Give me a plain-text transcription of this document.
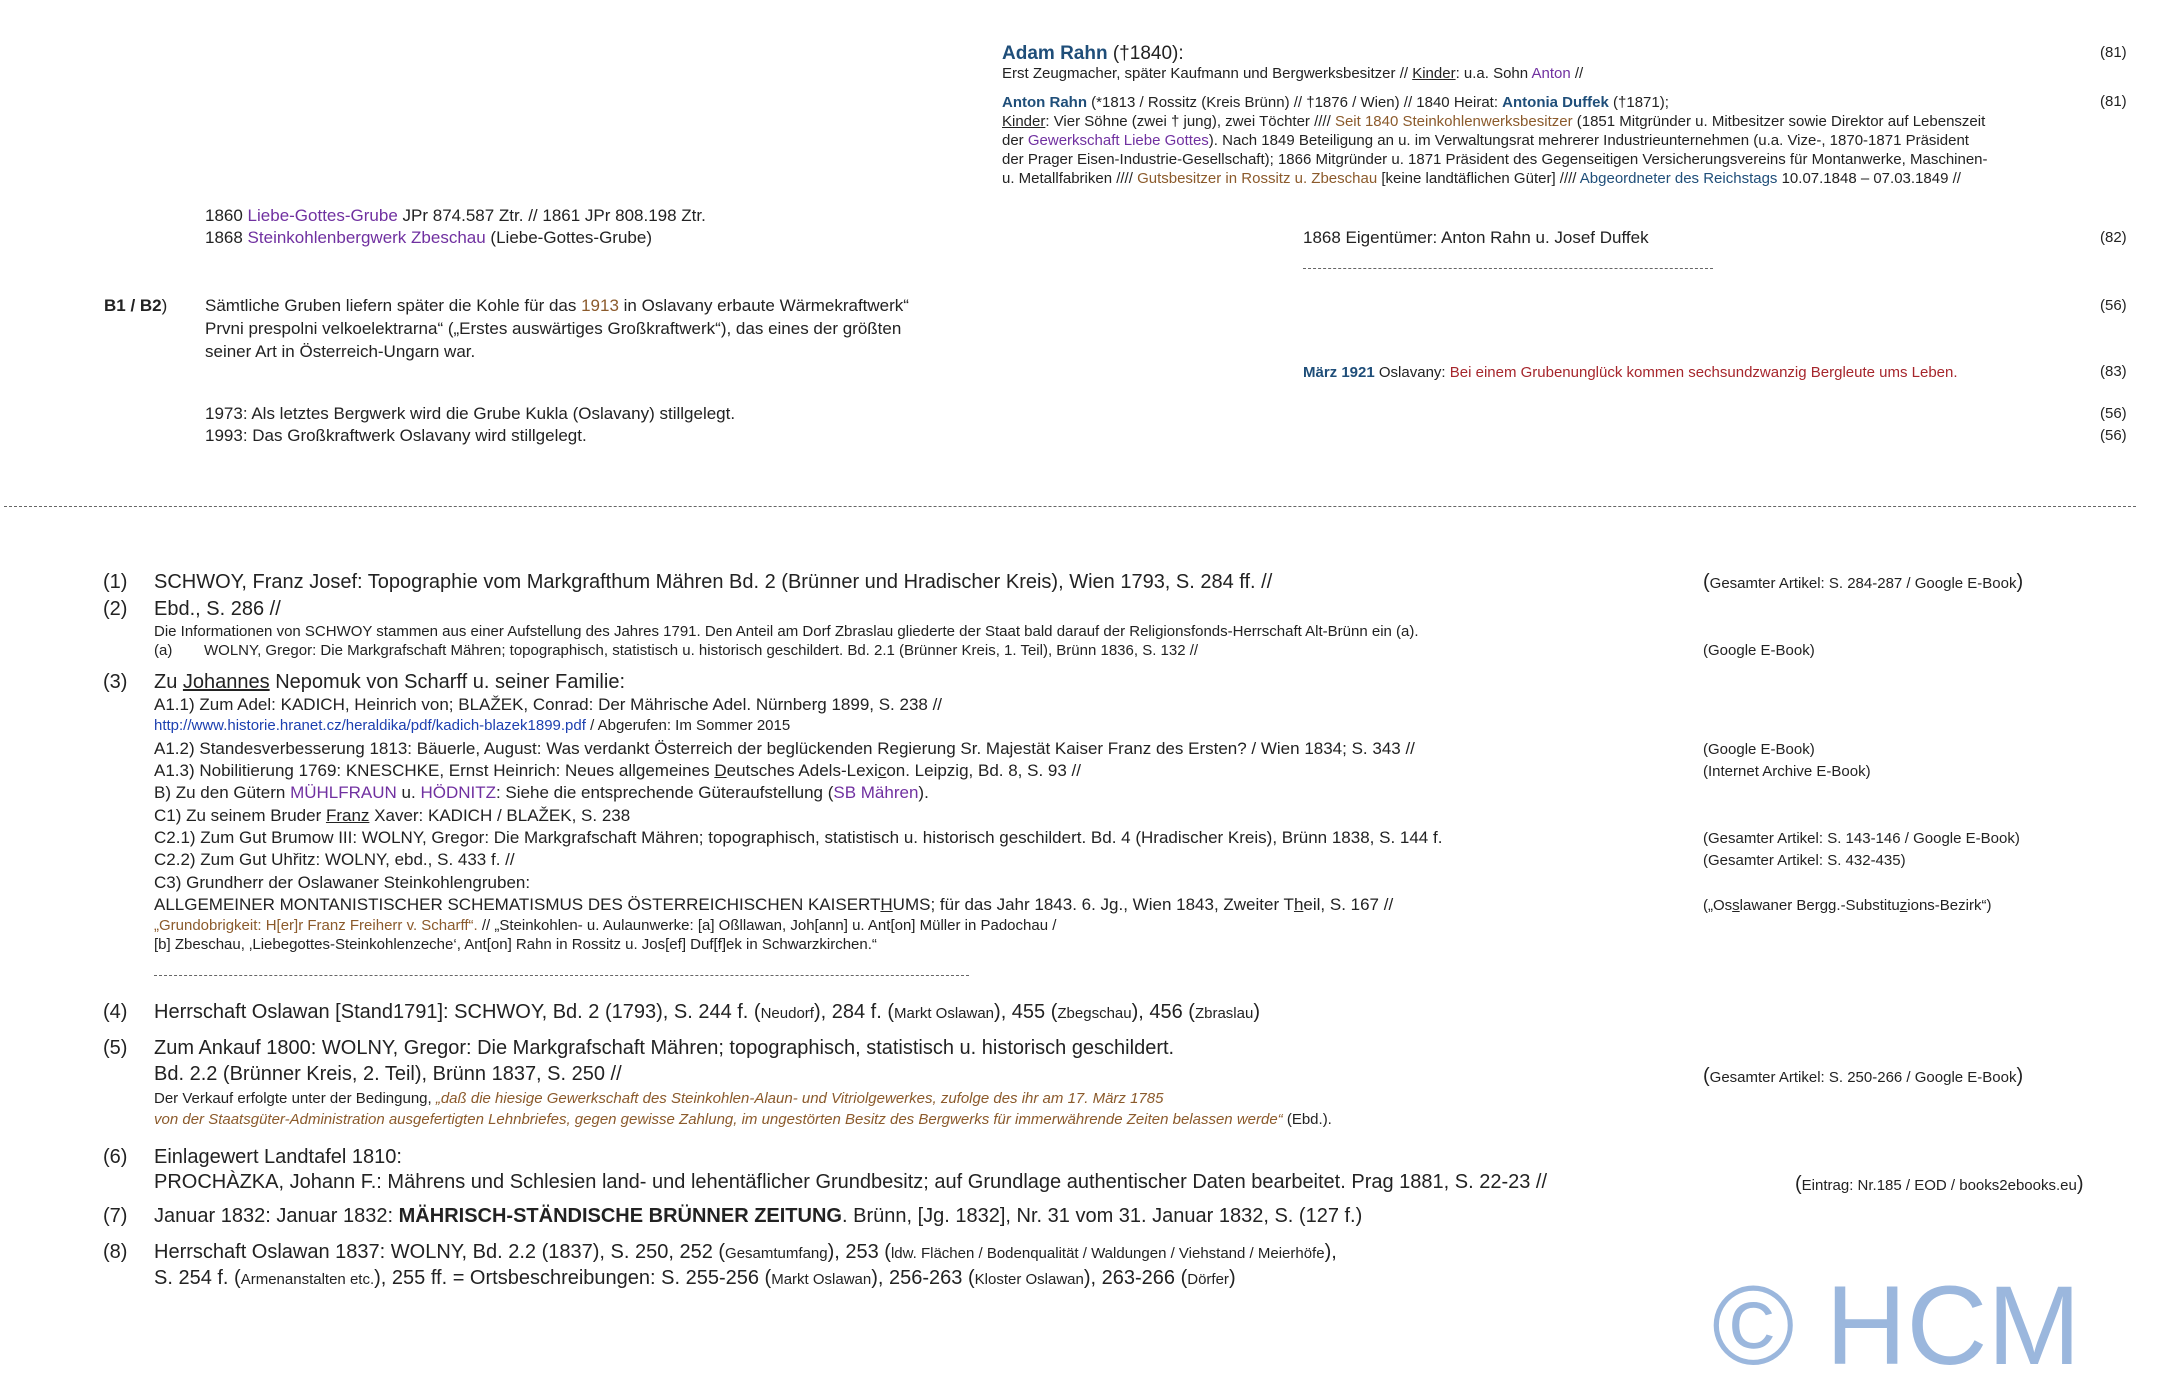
Adam Rahn (†1840):
Erst Zeugmacher, später Kaufmann und Bergwerksbesitzer // Kinder: u.a. Sohn Anton //
(81)
Anton Rahn (*1813 / Rossitz (Kreis Brünn) // †1876 / Wien) // 1840 Heirat: Antonia Duffek (†1871);	(81)
Kinder: Vier Söhne (zwei † jung), zwei Töchter //// Seit 1840 Steinkohlenwerksbesitzer (1851 Mitgründer u. Mitbesitzer sowie Direktor auf Lebenszeit
der Gewerkschaft Liebe Gottes). Nach 1849 Beteiligung an u. im Verwaltungsrat mehrerer Industrieunternehmen (u.a. Vize-, 1870-1871 Präsident
der Prager Eisen-Industrie-Gesellschaft); 1866 Mitgründer u. 1871 Präsident des Gegenseitigen Versicherungsvereins für Montanwerke, Maschinen-
u. Metallfabriken //// Gutsbesitzer in Rossitz u. Zbeschau [keine landtäflichen Güter] //// Abgeordneter des Reichstags 10.07.1848 – 07.03.1849 //
1860 Liebe-Gottes-Grube JPr 874.587 Ztr. // 1861 JPr 808.198 Ztr.
1868 Steinkohlenbergwerk Zbeschau (Liebe-Gottes-Grube)	1868 Eigentümer: Anton Rahn u. Josef Duffek	(82)
B1 / B2) Sämtliche Gruben liefern später die Kohle für das 1913 in Oslavany erbaute Wärmekraftwerk“
Prvni prespolni velkoelektrarna“ („Erstes auswärtiges Großkraftwerk“), das eines der größten
seiner Art in Österreich-Ungarn war.
(56)
März 1921 Oslavany: Bei einem Grubenunglück kommen sechsundzwanzig Bergleute ums Leben.	(83)
1973: Als letztes Bergwerk wird die Grube Kukla (Oslavany) stillgelegt.
1993: Das Großkraftwerk Oslavany wird stillgelegt.
(56)
(56)
(1) SCHWOY, Franz Josef: Topographie vom Markgrafthum Mähren Bd. 2 (Brünner und Hradischer Kreis), Wien 1793, S. 284 ff. //	(Gesamter Artikel: S. 284-287 / Google E-Book)
(2) Ebd., S. 286 //
Die Informationen von SCHWOY stammen aus einer Aufstellung des Jahres 1791. Den Anteil am Dorf Zbraslau gliederte der Staat bald darauf der Religionsfonds-Herrschaft Alt-Brünn ein (a).
(a) WOLNY, Gregor: Die Markgrafschaft Mähren; topographisch, statistisch u. historisch geschildert. Bd. 2.1 (Brünner Kreis, 1. Teil), Brünn 1836, S. 132 //	(Google E-Book)
(3) Zu Johannes Nepomuk von Scharff u. seiner Familie:
A1.1) Zum Adel: KADICH, Heinrich von; BLAŽEK, Conrad: Der Mährische Adel. Nürnberg 1899, S. 238 //
http://www.historie.hranet.cz/heraldika/pdf/kadich-blazek1899.pdf / Abgerufen: Im Sommer 2015
A1.2) Standesverbesserung 1813: Bäuerle, August: Was verdankt Österreich der beglückenden Regierung Sr. Majestät Kaiser Franz des Ersten? / Wien 1834; S. 343 //	(Google E-Book)
A1.3) Nobilitierung 1769: KNESCHKE, Ernst Heinrich: Neues allgemeines Deutsches Adels-Lexicon. Leipzig, Bd. 8, S. 93 //	(Internet Archive E-Book)
B) Zu den Gütern MÜHLFRAUN u. HÖDNITZ: Siehe die entsprechende Güteraufstellung (SB Mähren).
C1) Zu seinem Bruder Franz Xaver: KADICH / BLAŽEK, S. 238
C2.1) Zum Gut Brumow III: WOLNY, Gregor: Die Markgrafschaft Mähren; topographisch, statistisch u. historisch geschildert. Bd. 4 (Hradischer Kreis), Brünn 1838, S. 144 f.	(Gesamter Artikel: S. 143-146 / Google E-Book)
C2.2) Zum Gut Uhřitz: WOLNY, ebd., S. 433 f. //	(Gesamter Artikel: S. 432-435)
C3) Grundherr der Oslawaner Steinkohlengruben:
ALLGEMEINER MONTANISTISCHER SCHEMATISMUS DES ÖSTERREICHISCHEN KAISERTHUMS; für das Jahr 1843. 6. Jg., Wien 1843, Zweiter Theil, S. 167 //	(„Osslawaner Bergg.-Substituzions-Bezirk“)
„Grundobrigkeit: H[er]r Franz Freiherr v. Scharff“. // „Steinkohlen- u. Aulaunwerke: [a] Oßllawan, Joh[ann] u. Ant[on] Müller in Padochau /
[b] Zbeschau, ‚Liebegottes-Steinkohlenzeche‘, Ant[on] Rahn in Rossitz u. Jos[ef] Duf[f]ek in Schwarzkirchen.“
(4) Herrschaft Oslawan [Stand1791]: SCHWOY, Bd. 2 (1793), S. 244 f. (Neudorf), 284 f. (Markt Oslawan), 455 (Zbegschau), 456 (Zbraslau)
(5) Zum Ankauf 1800: WOLNY, Gregor: Die Markgrafschaft Mähren; topographisch, statistisch u. historisch geschildert.
Bd. 2.2 (Brünner Kreis, 2. Teil), Brünn 1837, S. 250 //	(Gesamter Artikel: S. 250-266 / Google E-Book)
Der Verkauf erfolgte unter der Bedingung, „daß die hiesige Gewerkschaft des Steinkohlen-Alaun- und Vitriolgewerkes, zufolge des ihr am 17. März 1785
von der Staatsgüter-Administration ausgefertigten Lehnbriefes, gegen gewisse Zahlung, im ungestörten Besitz des Bergwerks für immerwährende Zeiten belassen werde“ (Ebd.).
(6) Einlagewert Landtafel 1810:
PROCHÀZKA, Johann F.: Mährens und Schlesien land- und lehentäflicher Grundbesitz; auf Grundlage authentischer Daten bearbeitet. Prag 1881, S. 22-23 //	(Eintrag: Nr.185 / EOD / books2ebooks.eu)
(7) Januar 1832: Januar 1832: MÄHRISCH-STÄNDISCHE BRÜNNER ZEITUNG. Brünn, [Jg. 1832], Nr. 31 vom 31. Januar 1832, S. (127 f.)
(8) Herrschaft Oslawan 1837: WOLNY, Bd. 2.2 (1837), S. 250, 252 (Gesamtumfang), 253 (ldw. Flächen / Bodenqualität / Waldungen / Viehstand / Meierhöfe),
S. 254 f. (Armenanstalten etc.), 255 ff. = Ortsbeschreibungen: S. 255-256 (Markt Oslawan), 256-263 (Kloster Oslawan), 263-266 (Dörfer)	© HCM
